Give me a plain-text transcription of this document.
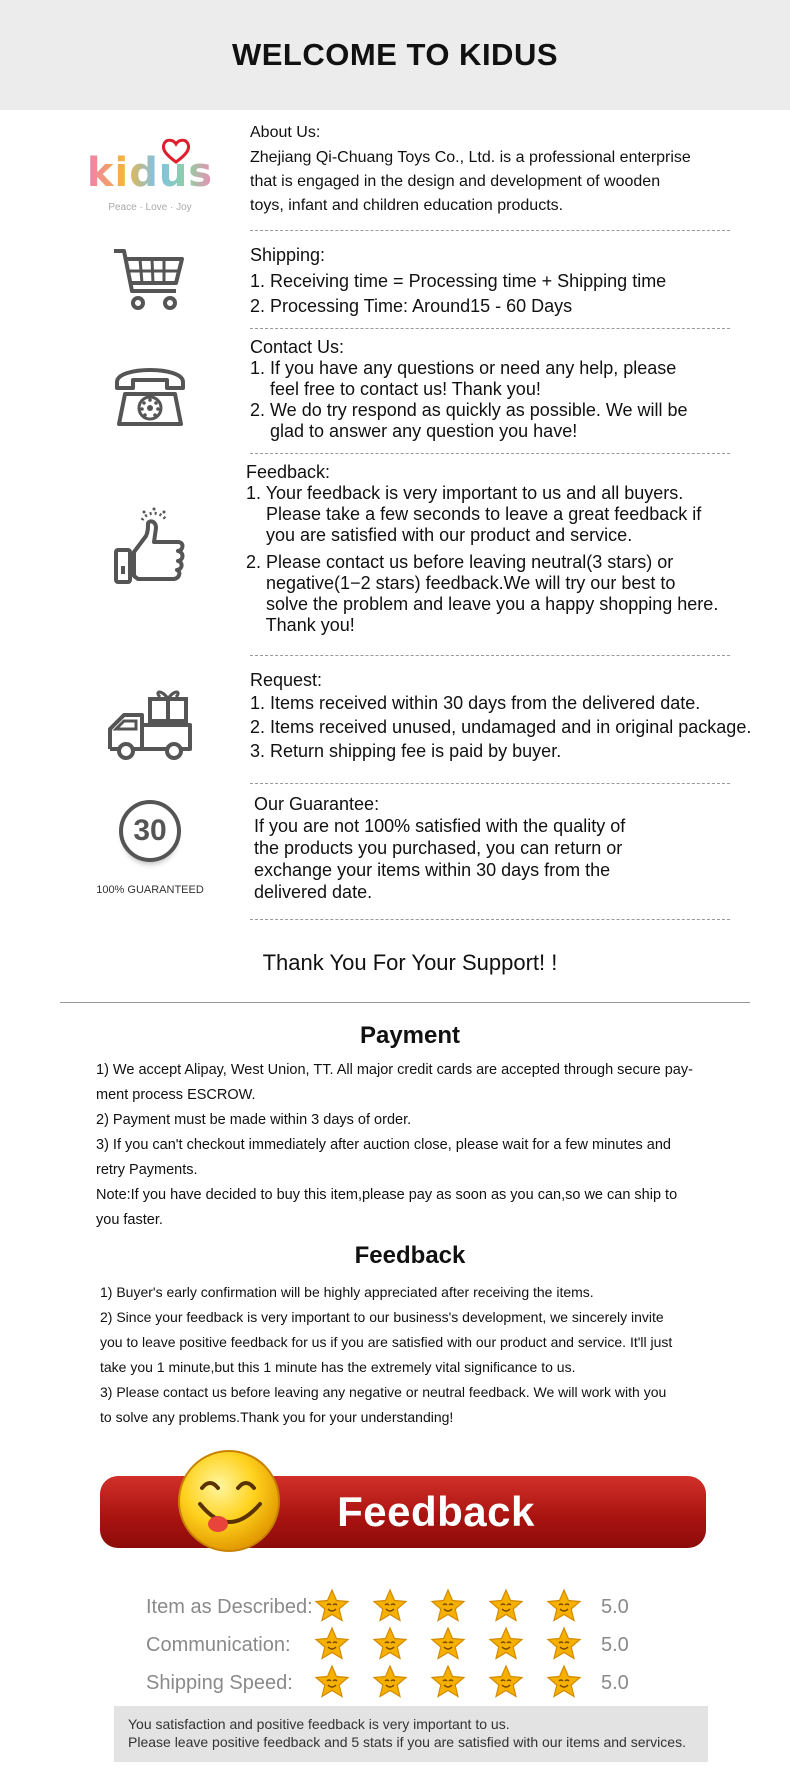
WELCOME TO KIDUS
kidus
Peace · Love · Joy
About Us:
Zhejiang Qi-Chuang Toys Co., Ltd. is a professional enterprise
that is engaged in the design and development of wooden
toys, infant and children education products.
Shipping:
1. Receiving time = Processing time + Shipping time
2. Processing Time: Around15 - 60 Days
Contact Us:
1. If you have any questions or need any help, please
feel free to contact us! Thank you!
2. We do try respond as quickly as possible. We will be
glad to answer any question you have!
Feedback:
1. Your feedback is very important to us and all buyers.
Please take a few seconds to leave a great feedback if
you are satisfied with our product and service.
2. Please contact us before leaving neutral(3 stars) or
negative(1−2 stars) feedback.We will try our best to
solve the problem and leave you a happy shopping here.
Thank you!
Request:
1. Items received within 30 days from the delivered date.
2. Items received unused, undamaged and in original package.
3. Return shipping fee is paid by buyer.
30
100% GUARANTEED
Our Guarantee:
If you are not 100% satisfied with the quality of
the products you purchased, you can return or
exchange your items within 30 days from the
delivered date.
Thank You For Your Support! !
Payment
1) We accept Alipay, West Union, TT. All major credit cards are accepted through secure pay-
ment process ESCROW.
2) Payment must be made within 3 days of order.
3) If you can't checkout immediately after auction close, please wait for a few minutes and
retry Payments.
Note:If you have decided to buy this item,please pay as soon as you can,so we can ship to
you faster.
Feedback
1) Buyer's early confirmation will be highly appreciated after receiving the items.
2) Since your feedback is very important to our business's development, we sincerely invite
you to leave positive feedback for us if you are satisfied with our product and service. It'll just
take you 1 minute,but this 1 minute has the extremely vital significance to us.
3) Please contact us before leaving any negative or neutral feedback. We will work with you
to solve any problems.Thank you for your understanding!
Feedback
Item as Described:	5.0
Communication:	5.0
Shipping Speed:	5.0
You satisfaction and positive feedback is very important to us.
Please leave positive feedback and 5 stats if you are satisfied with our items and services.
